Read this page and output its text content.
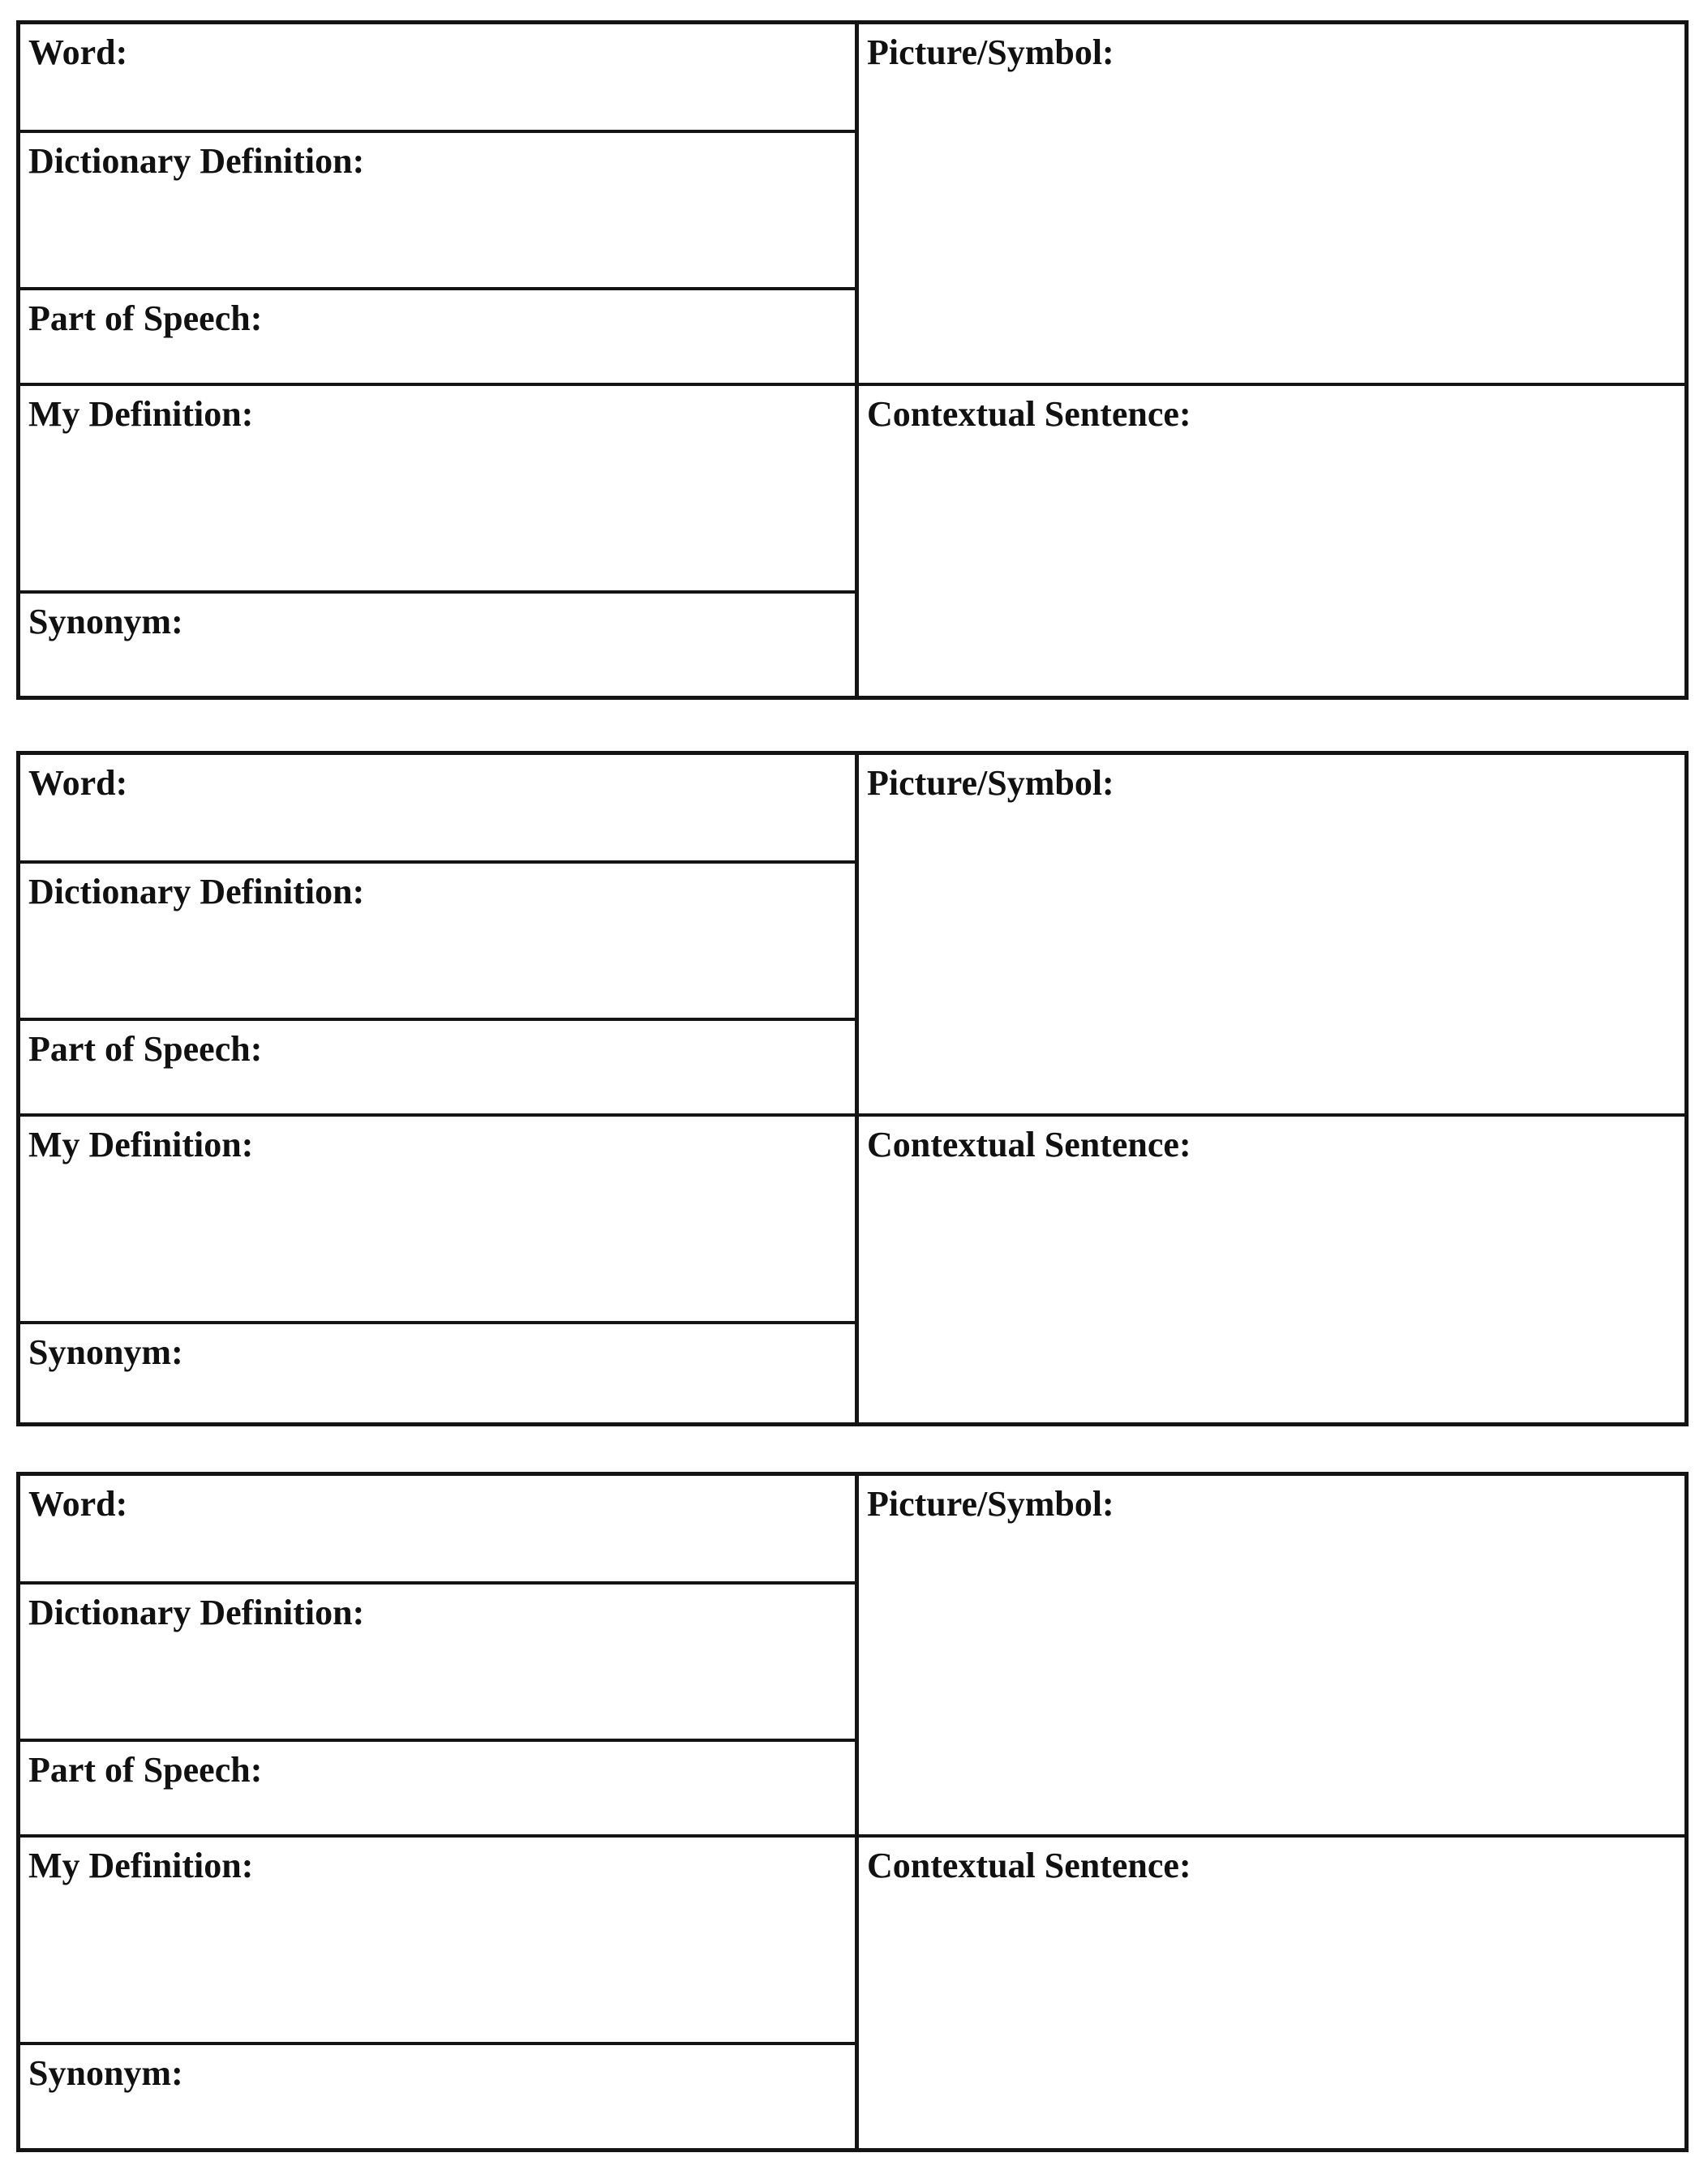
Word:
Dictionary Definition:
Part of Speech:
My Definition:
Synonym:
Picture/Symbol:
Contextual Sentence:
Word:
Dictionary Definition:
Part of Speech:
My Definition:
Synonym:
Picture/Symbol:
Contextual Sentence:
Word:
Dictionary Definition:
Part of Speech:
My Definition:
Synonym:
Picture/Symbol:
Contextual Sentence:
